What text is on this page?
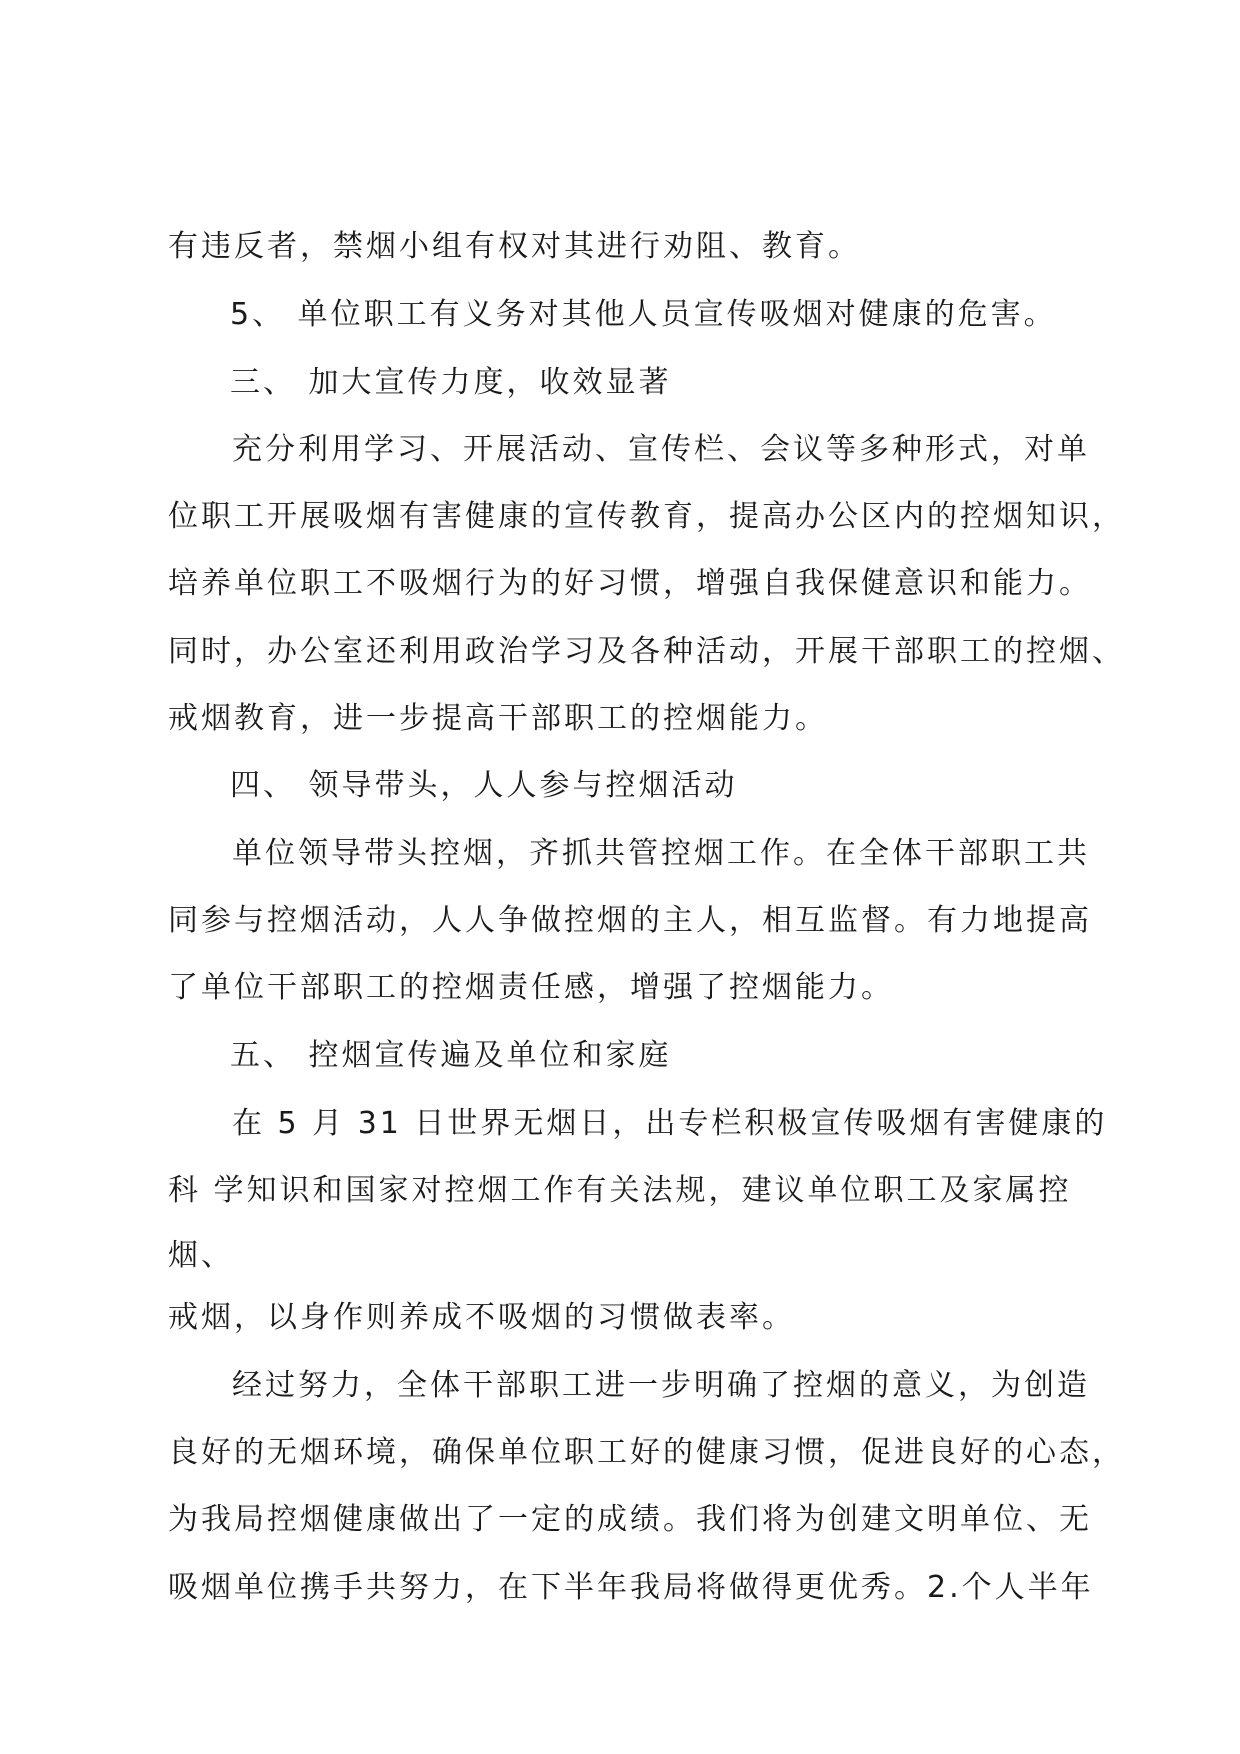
有违反者，禁烟小组有权对其进行劝阻、教育。
5、 单位职工有义务对其他人员宣传吸烟对健康的危害。
三、 加大宣传力度，收效显著
充分利用学习、开展活动、宣传栏、会议等多种形式，对单
位职工开展吸烟有害健康的宣传教育，提高办公区内的控烟知识，
培养单位职工不吸烟行为的好习惯，增强自我保健意识和能力。
同时，办公室还利用政治学习及各种活动，开展干部职工的控烟、
戒烟教育，进一步提高干部职工的控烟能力。
四、 领导带头，人人参与控烟活动
单位领导带头控烟，齐抓共管控烟工作。在全体干部职工共
同参与控烟活动，人人争做控烟的主人，相互监督。有力地提高
了单位干部职工的控烟责任感，增强了控烟能力。
五、 控烟宣传遍及单位和家庭
在 5 月 31 日世界无烟日，出专栏积极宣传吸烟有害健康的
科 学知识和国家对控烟工作有关法规，建议单位职工及家属控
烟、
戒烟，以身作则养成不吸烟的习惯做表率。
经过努力，全体干部职工进一步明确了控烟的意义，为创造
良好的无烟环境，确保单位职工好的健康习惯，促进良好的心态，
为我局控烟健康做出了一定的成绩。我们将为创建文明单位、无
吸烟单位携手共努力，在下半年我局将做得更优秀。2.个人半年
